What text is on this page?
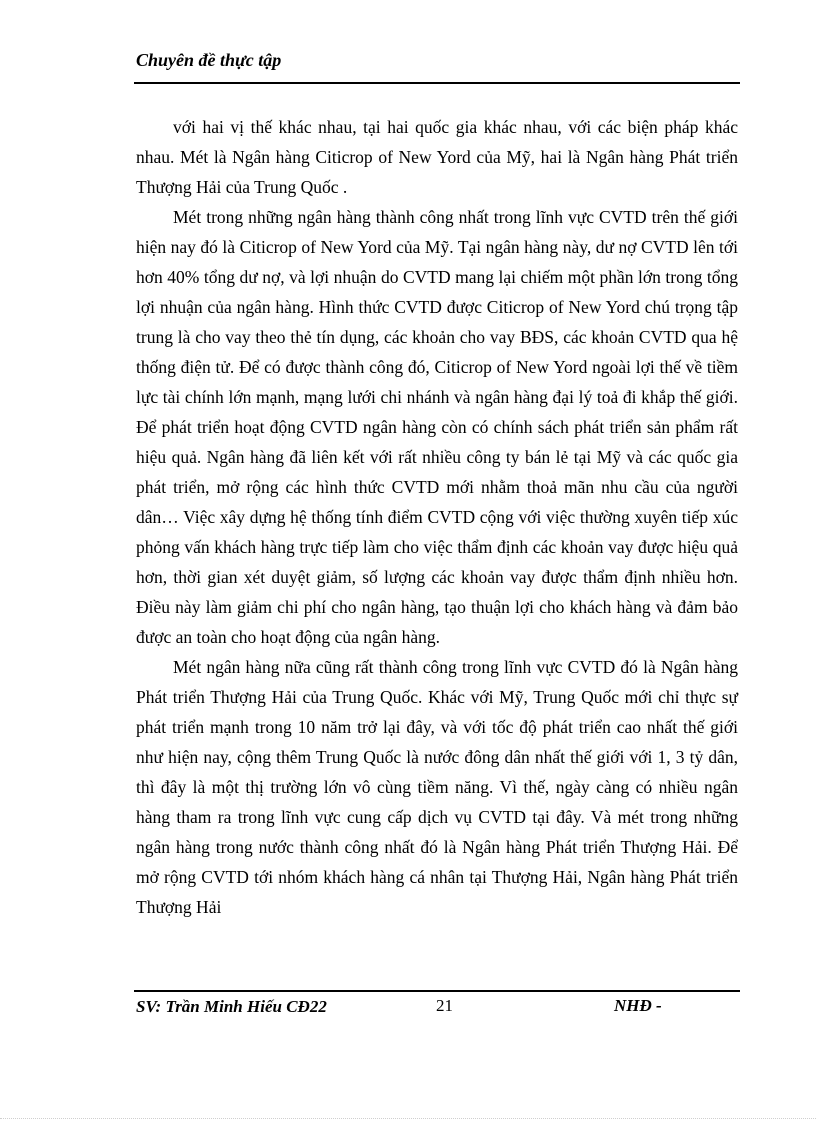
Chuyên đề thực tập

với hai vị thế khác nhau, tại hai quốc gia khác nhau, với các biện pháp khác nhau. Mét là Ngân hàng Citicrop of New Yord của Mỹ, hai là Ngân hàng Phát triển Thượng Hải của Trung Quốc .

Mét trong những ngân hàng thành công nhất trong lĩnh vực CVTD trên thế giới hiện nay đó là Citicrop of New Yord của Mỹ. Tại ngân hàng này, dư nợ CVTD lên tới hơn 40% tổng dư nợ, và lợi nhuận do CVTD mang lại chiếm một phần lớn trong tổng lợi nhuận của ngân hàng. Hình thức CVTD được Citicrop of New Yord chú trọng tập trung là cho vay theo thẻ tín dụng, các khoản cho vay BĐS, các khoản CVTD qua hệ thống điện tử. Để có được thành công đó, Citicrop of New Yord ngoài lợi thế về tiềm lực tài chính lớn mạnh, mạng lưới chi nhánh và ngân hàng đại lý toả đi khắp thế giới. Để phát triển hoạt động CVTD ngân hàng còn có chính sách phát triển sản phẩm rất hiệu quả. Ngân hàng đã liên kết với rất nhiều công ty bán lẻ tại Mỹ và các quốc gia phát triển, mở rộng các hình thức CVTD mới nhằm thoả mãn nhu cầu của người dân… Việc xây dựng hệ thống tính điểm CVTD cộng với việc thường xuyên tiếp xúc phỏng vấn khách hàng trực tiếp làm cho việc thẩm định các khoản vay được hiệu quả hơn, thời gian xét duyệt giảm, số lượng các khoản vay được thẩm định nhiều hơn. Điều này làm giảm chi phí cho ngân hàng, tạo thuận lợi cho khách hàng và đảm bảo được an toàn cho hoạt động của ngân hàng.

Mét ngân hàng nữa cũng rất thành công trong lĩnh vực CVTD đó là Ngân hàng Phát triển Thượng Hải của Trung Quốc. Khác với Mỹ, Trung Quốc mới chỉ thực sự phát triển mạnh trong 10 năm trở lại đây, và với tốc độ phát triển cao nhất thế giới như hiện nay, cộng thêm Trung Quốc là nước đông dân nhất thế giới với 1, 3 tỷ dân, thì đây là một thị trường lớn vô cùng tiềm năng. Vì thế, ngày càng có nhiều ngân hàng tham ra trong lĩnh vực cung cấp dịch vụ CVTD tại đây. Và mét trong những ngân hàng trong nước thành công nhất đó là Ngân hàng Phát triển Thượng Hải. Để mở rộng CVTD tới nhóm khách hàng cá nhân tại Thượng Hải, Ngân hàng Phát triển Thượng Hải

SV: Trần Minh Hiếu CĐ22	21	NHĐ -
